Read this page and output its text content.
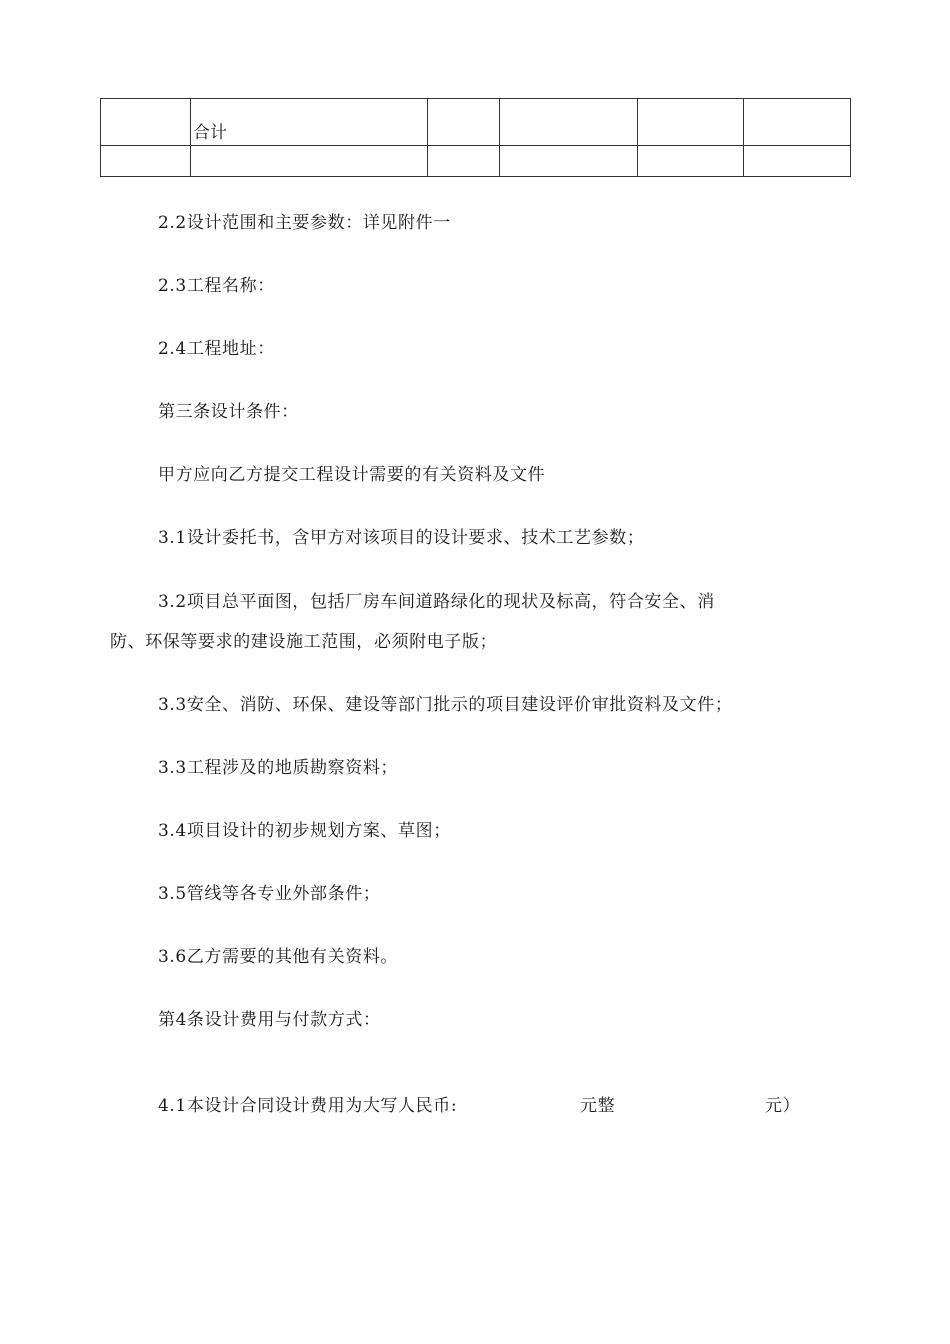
	合计				

2.2设计范围和主要参数：详见附件一
2.3工程名称：
2.4工程地址：
第三条设计条件：
甲方应向乙方提交工程设计需要的有关资料及文件
3.1设计委托书，含甲方对该项目的设计要求、技术工艺参数；
3.2项目总平面图，包括厂房车间道路绿化的现状及标高，符合安全、消
防、环保等要求的建设施工范围，必须附电子版；
3.3安全、消防、环保、建设等部门批示的项目建设评价审批资料及文件；
3.3工程涉及的地质勘察资料；
3.4项目设计的初步规划方案、草图；
3.5管线等各专业外部条件；
3.6乙方需要的其他有关资料。
第4条设计费用与付款方式：
4.1本设计合同设计费用为大写人民币:	元整	元）
